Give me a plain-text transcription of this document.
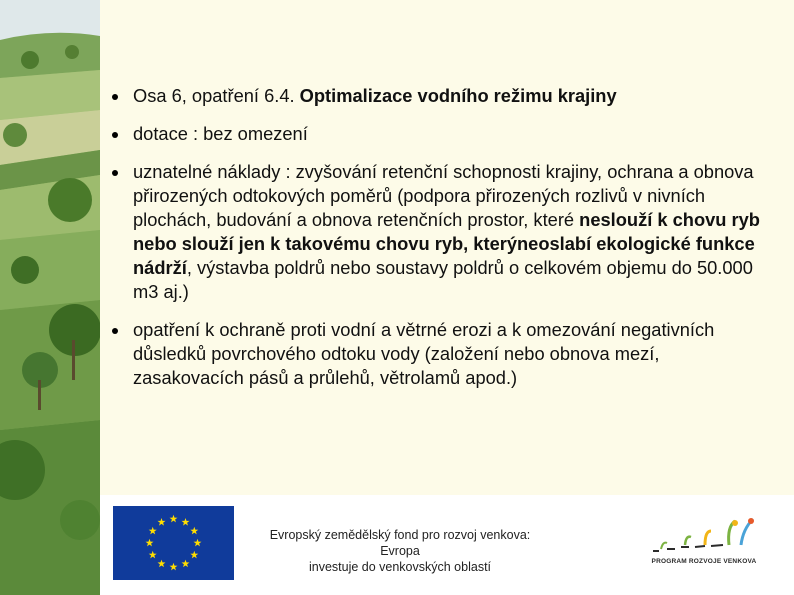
Osa 6, opatření 6.4. Optimalizace vodního režimu krajiny
dotace : bez omezení
uznatelné náklady : zvyšování retenční schopnosti krajiny, ochrana a obnova přirozených odtokových poměrů (podpora přirozených rozlivů v nivních plochách, budování a obnova retenčních prostor, které neslouží k chovu ryb nebo slouží jen k takovému chovu ryb, kterýneoslabí ekologické funkce nádrží, výstavba poldrů nebo soustavy poldrů o celkovém objemu do 50.000 m3 aj.)
opatření k ochraně proti vodní a větrné erozi a k omezování negativních důsledků povrchového odtoku vody (založení nebo obnova mezí, zasakovacích pásů a průlehů, větrolamů apod.)
Evropský zemědělský fond pro rozvoj venkova: Evropa
investuje do venkovských oblastí	PROGRAM ROZVOJE VENKOVA
